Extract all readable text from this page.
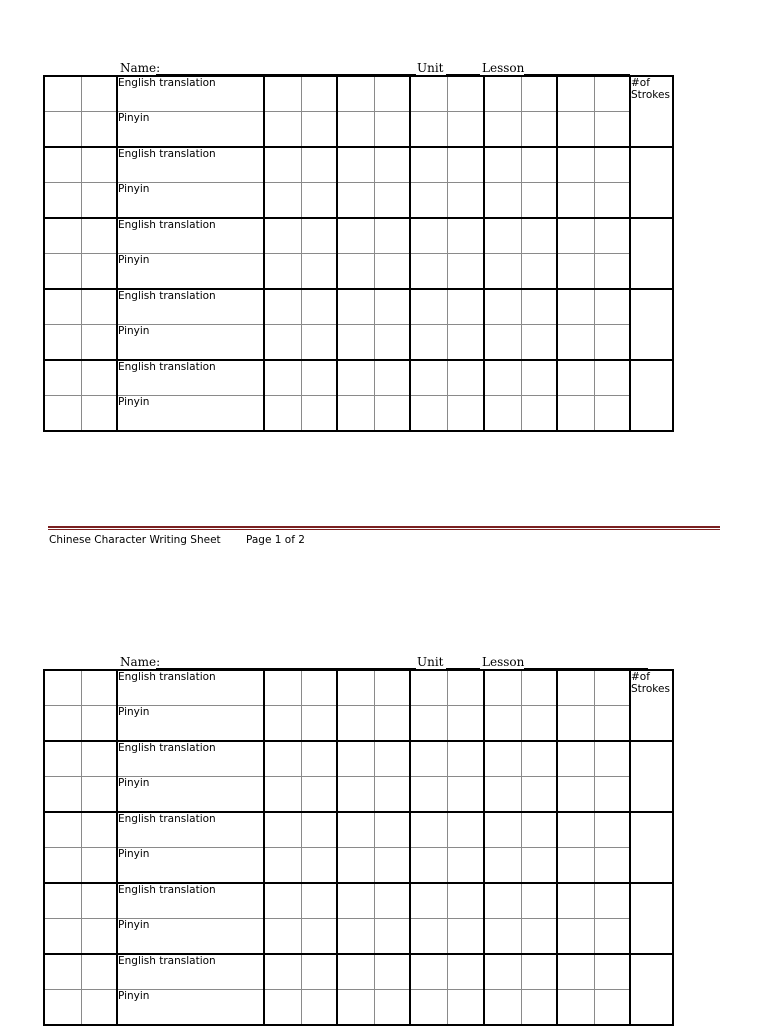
Name:	Unit	Lesson
		English translation											#of Strokes
		Pinyin											
		English translation											
		Pinyin											
		English translation											
		Pinyin											
		English translation											
		Pinyin											
		English translation											
		Pinyin											
Chinese Character Writing Sheet Page 1 of 2
Name:	Unit	Lesson
		English translation											#of Strokes
		Pinyin											
		English translation											
		Pinyin											
		English translation											
		Pinyin											
		English translation											
		Pinyin											
		English translation											
		Pinyin											
